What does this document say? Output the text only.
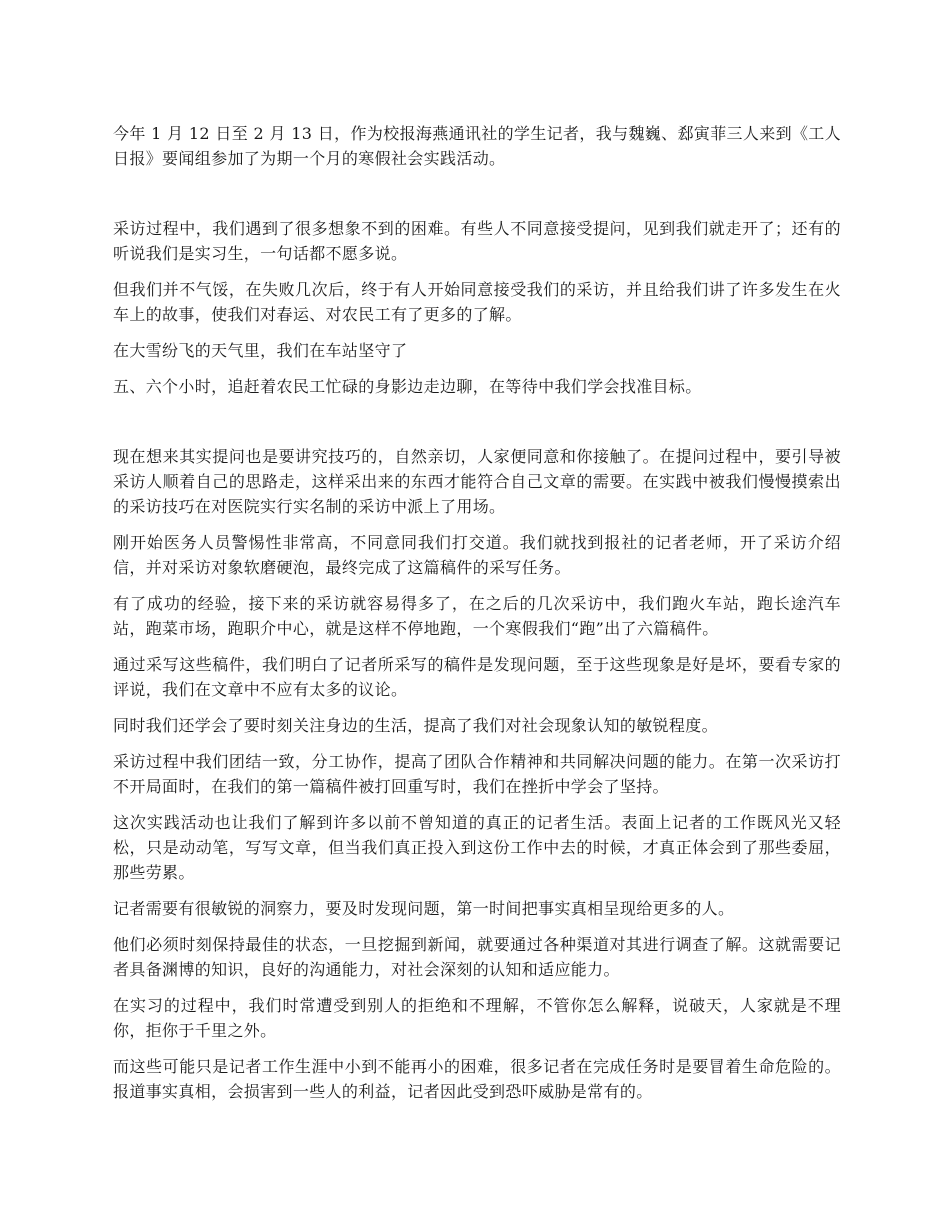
今年 1 月 12 日至 2 月 13 日，作为校报海燕通讯社的学生记者，我与魏巍、郄寅菲三人来到《工人日报》要闻组参加了为期一个月的寒假社会实践活动。

采访过程中，我们遇到了很多想象不到的困难。有些人不同意接受提问，见到我们就走开了；还有的听说我们是实习生，一句话都不愿多说。

但我们并不气馁，在失败几次后，终于有人开始同意接受我们的采访，并且给我们讲了许多发生在火车上的故事，使我们对春运、对农民工有了更多的了解。

在大雪纷飞的天气里，我们在车站坚守了

五、六个小时，追赶着农民工忙碌的身影边走边聊，在等待中我们学会找准目标。

现在想来其实提问也是要讲究技巧的，自然亲切，人家便同意和你接触了。在提问过程中，要引导被采访人顺着自己的思路走，这样采出来的东西才能符合自己文章的需要。在实践中被我们慢慢摸索出的采访技巧在对医院实行实名制的采访中派上了用场。

刚开始医务人员警惕性非常高，不同意同我们打交道。我们就找到报社的记者老师，开了采访介绍信，并对采访对象软磨硬泡，最终完成了这篇稿件的采写任务。

有了成功的经验，接下来的采访就容易得多了，在之后的几次采访中，我们跑火车站，跑长途汽车站，跑菜市场，跑职介中心，就是这样不停地跑，一个寒假我们“跑”出了六篇稿件。

通过采写这些稿件，我们明白了记者所采写的稿件是发现问题，至于这些现象是好是坏，要看专家的评说，我们在文章中不应有太多的议论。

同时我们还学会了要时刻关注身边的生活，提高了我们对社会现象认知的敏锐程度。

采访过程中我们团结一致，分工协作，提高了团队合作精神和共同解决问题的能力。在第一次采访打不开局面时，在我们的第一篇稿件被打回重写时，我们在挫折中学会了坚持。

这次实践活动也让我们了解到许多以前不曾知道的真正的记者生活。表面上记者的工作既风光又轻松，只是动动笔，写写文章，但当我们真正投入到这份工作中去的时候，才真正体会到了那些委屈，那些劳累。

记者需要有很敏锐的洞察力，要及时发现问题，第一时间把事实真相呈现给更多的人。

他们必须时刻保持最佳的状态，一旦挖掘到新闻，就要通过各种渠道对其进行调查了解。这就需要记者具备渊博的知识，良好的沟通能力，对社会深刻的认知和适应能力。

在实习的过程中，我们时常遭受到别人的拒绝和不理解，不管你怎么解释，说破天，人家就是不理你，拒你于千里之外。

而这些可能只是记者工作生涯中小到不能再小的困难，很多记者在完成任务时是要冒着生命危险的。报道事实真相，会损害到一些人的利益，记者因此受到恐吓威胁是常有的。
